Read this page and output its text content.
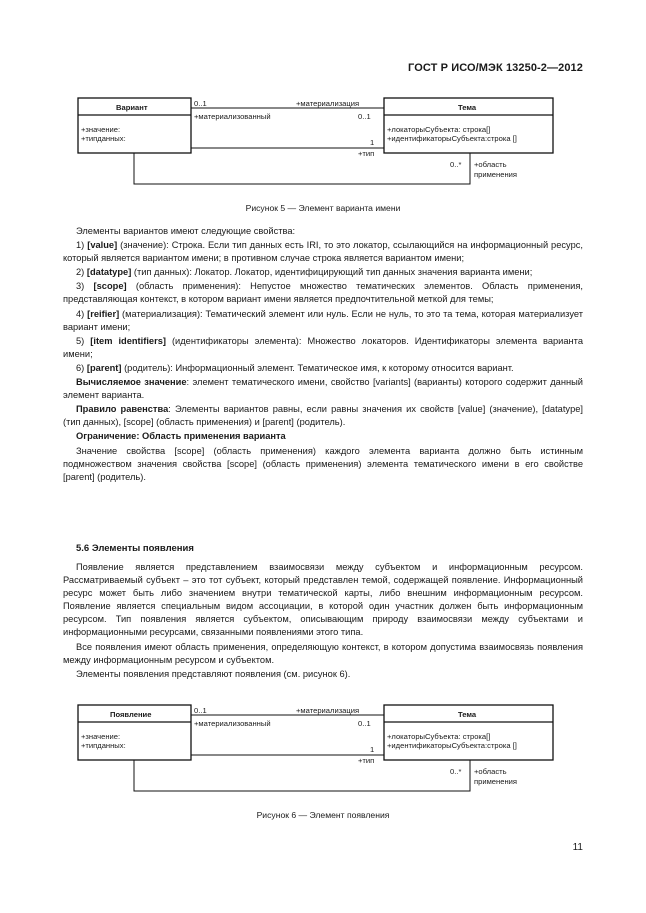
ГОСТ Р ИСО/МЭК 13250-2—2012
Вариант
+значение:
+типданных:
Тема
+локаторыСубъекта: строка[]
+идентификаторыСубъекта:строка []
0..1	+материализация
+материализованный	0..1
1
+тип
0..* +область
применения
Рисунок 5 — Элемент варианта имени

Элементы вариантов имеют следующие свойства:

1) [value] (значение): Строка. Если тип данных есть IRI, то это локатор, ссылающийся на информационный ресурс, который является вариантом имени; в противном случае строка является вариантом имени;

2) [datatype] (тип данных): Локатор. Локатор, идентифицирующий тип данных значения варианта имени;

3) [scope] (область применения): Непустое множество тематических элементов. Область применения, представляющая контекст, в котором вариант имени является предпочтительной меткой для темы;

4) [reifier] (материализация): Тематический элемент или нуль. Если не нуль, то это та тема, которая материализует вариант имени;

5) [item identifiers] (идентификаторы элемента): Множество локаторов. Идентификаторы элемента варианта имени;

6) [parent] (родитель): Информационный элемент. Тематическое имя, к которому относится вариант.

Вычисляемое значение: элемент тематического имени, свойство [variants] (варианты) которого содержит данный элемент варианта.

Правило равенства: Элементы вариантов равны, если равны значения их свойств [value] (значение), [datatype] (тип данных), [scope] (область применения) и [parent] (родитель).

Ограничение: Область применения варианта

Значение свойства [scope] (область применения) каждого элемента варианта должно быть истинным подмножеством значения свойства [scope] (область применения) элемента тематического имени в его свойстве [parent] (родитель).

5.6 Элементы появления

Появление является представлением взаимосвязи между субъектом и информационным ресурсом. Рассматриваемый субъект – это тот субъект, который представлен темой, содержащей появление. Информационный ресурс может быть либо значением внутри тематической карты, либо внешним информационным ресурсом. Появление является специальным видом ассоциации, в которой один участник должен быть информационным ресурсом. Тип появления является субъектом, описывающим природу взаимосвязи между субъектами и информационными ресурсами, связанными появлениями этого типа.

Все появления имеют область применения, определяющую контекст, в котором допустима взаимосвязь появления между информационным ресурсом и субъектом.

Элементы появления представляют появления (см. рисунок 6).

Появление
+значение:
+типданных:
Тема
+локаторыСубъекта: строка[]
+идентификаторыСубъекта:строка []
0..1	+материализация
+материализованный	0..1
1
+тип
0..* +область
применения
Рисунок 6 — Элемент появления
11
